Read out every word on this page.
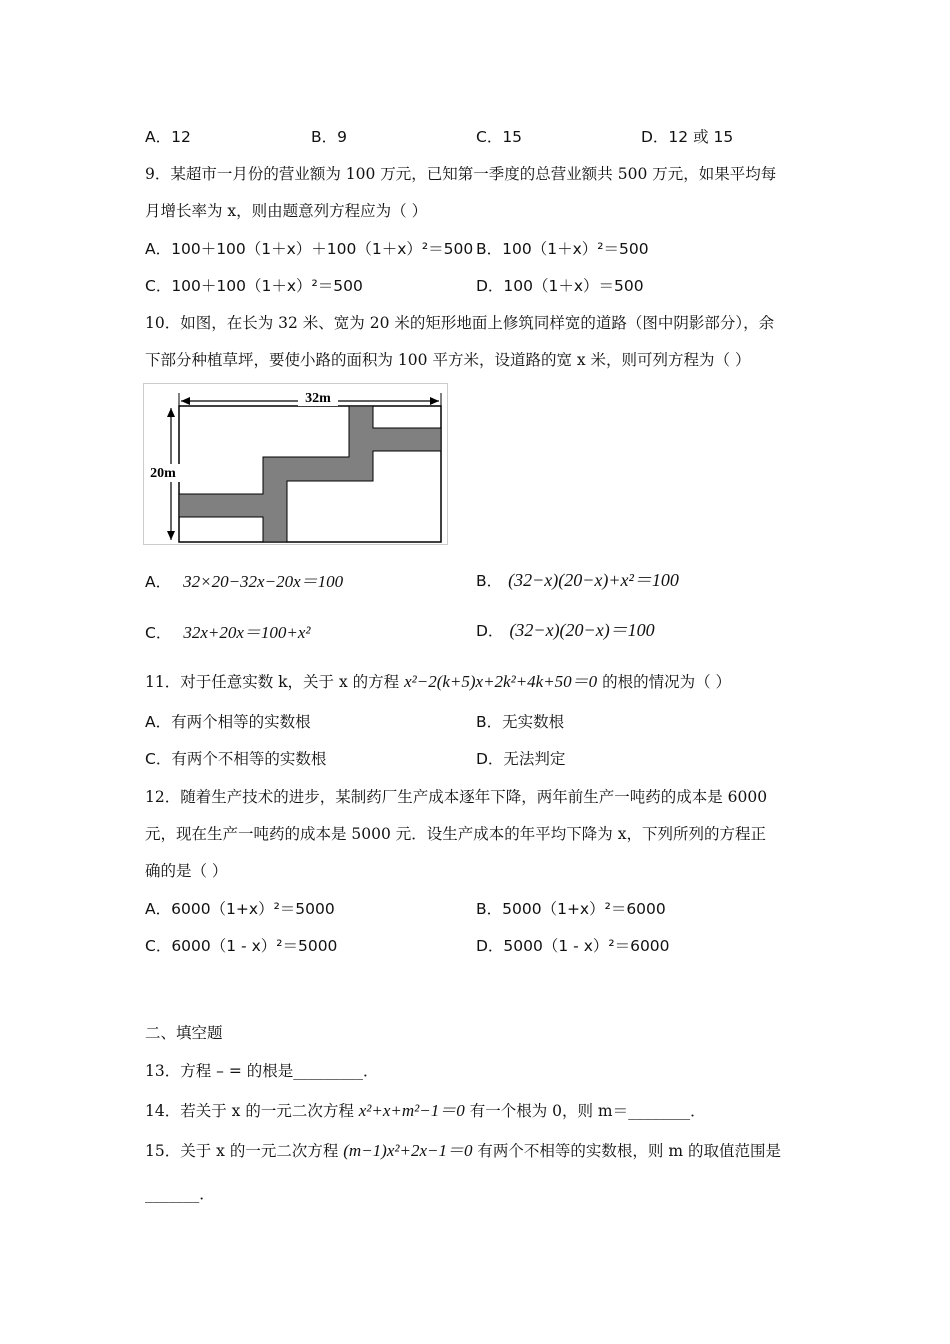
A．12	B．9	C．15	D．12 或 15
9．某超市一月份的营业额为 100 万元，已知第一季度的总营业额共 500 万元，如果平均每
月增长率为 x，则由题意列方程应为（ ）
A．100＋100（1＋x）＋100（1＋x）²＝500 B．100（1＋x）²＝500
C．100＋100（1＋x）²＝500	D．100（1＋x）＝500
10．如图，在长为 32 米、宽为 20 米的矩形地面上修筑同样宽的道路（图中阴影部分），余
下部分种植草坪，要使小路的面积为 100 平方米，设道路的宽 x 米，则可列方程为（ ）
32m
20m
A． 32×20−32x−20x＝100	B． (32−x)(20−x)+x²＝100
C． 32x+20x＝100+x²	D． (32−x)(20−x)＝100
11．对于任意实数 k，关于 x 的方程 x²−2(k+5)x+2k²+4k+50＝0 的根的情况为（ ）
A．有两个相等的实数根	B．无实数根
C．有两个不相等的实数根	D．无法判定
12．随着生产技术的进步，某制药厂生产成本逐年下降，两年前生产一吨药的成本是 6000
元，现在生产一吨药的成本是 5000 元．设生产成本的年平均下降为 x，下列所列的方程正
确的是（ ）
A．6000（1+x）²＝5000	B．5000（1+x）²＝6000
C．6000（1 - x）²＝5000	D．5000（1 - x）²＝6000
二、填空题
13．方程 – = 的根是_________．
14．若关于 x 的一元二次方程 x²+x+m²−1＝0 有一个根为 0，则 m＝________．
15．关于 x 的一元二次方程 (m−1)x²+2x−1＝0 有两个不相等的实数根，则 m 的取值范围是
_______．
